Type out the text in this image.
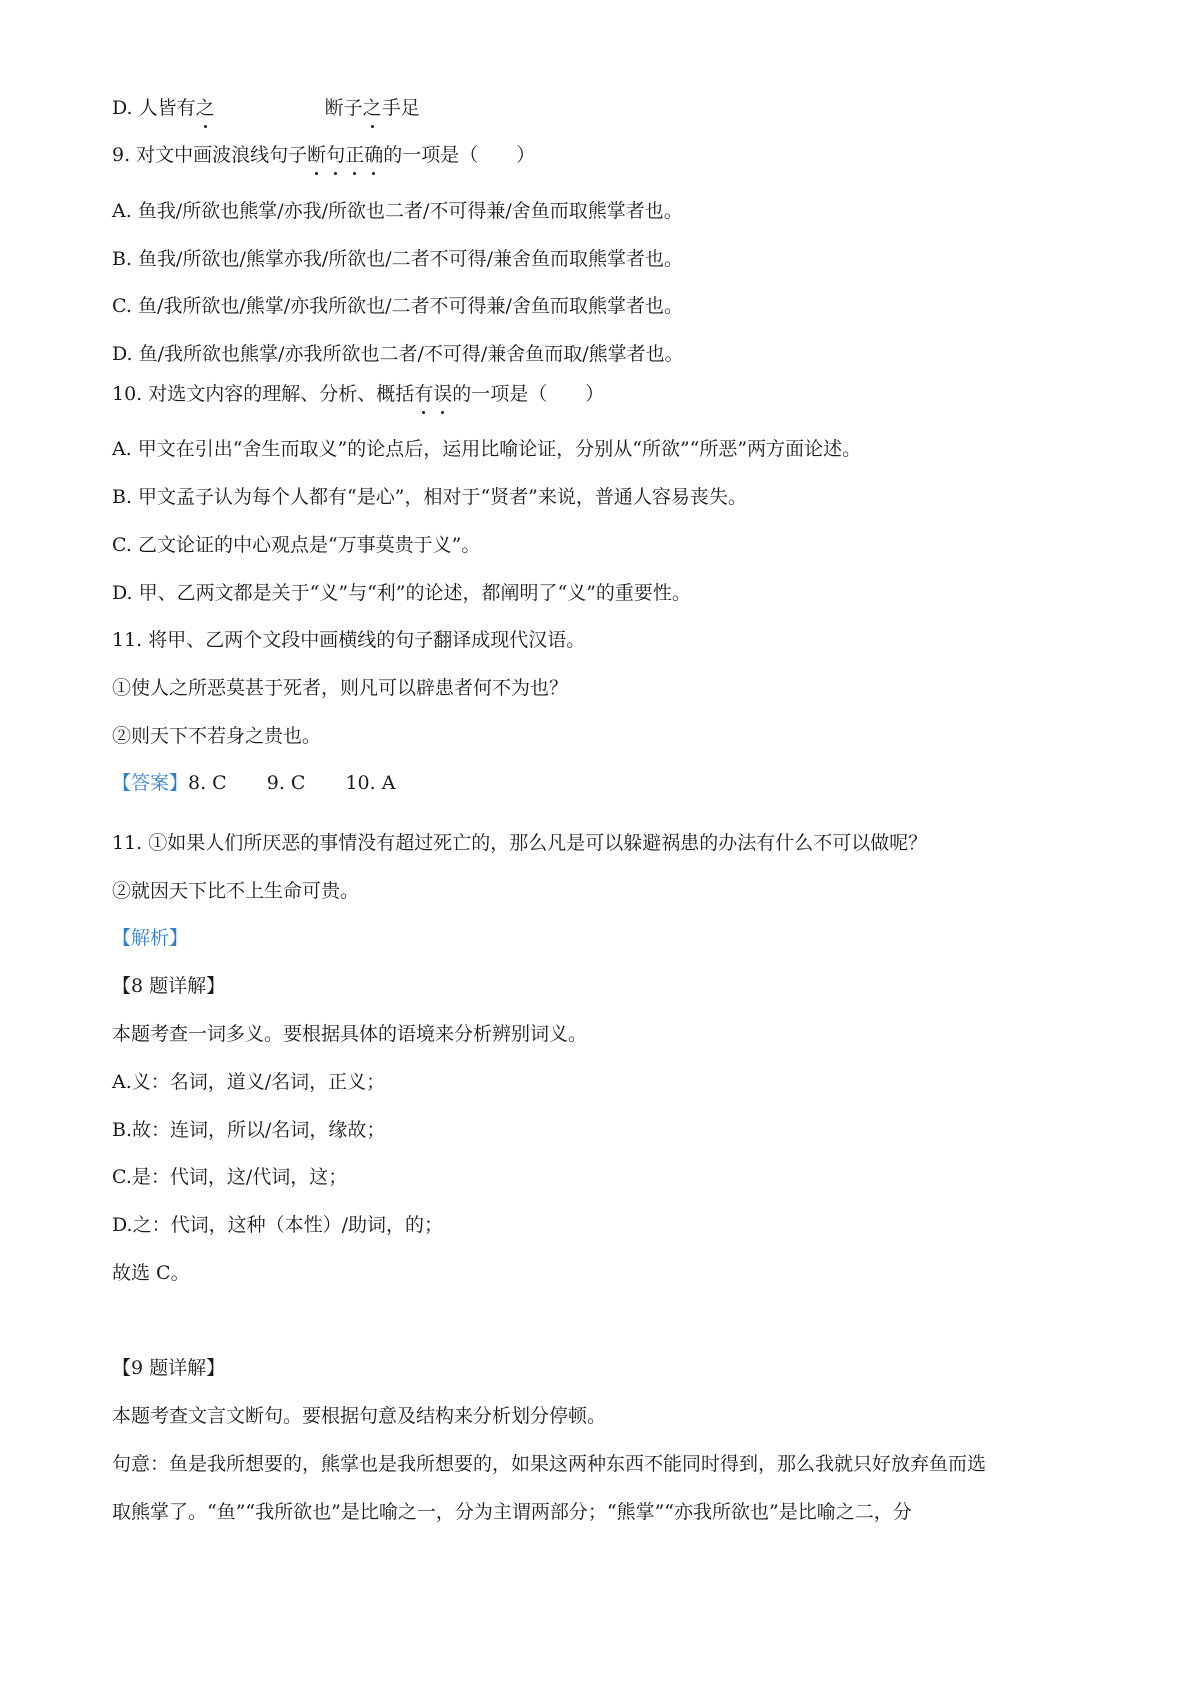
D. 人皆有之	断子之手足
9. 对文中画波浪线句子断句正确的一项是（　　）
A. 鱼我/所欲也熊掌/亦我/所欲也二者/不可得兼/舍鱼而取熊掌者也。
B. 鱼我/所欲也/熊掌亦我/所欲也/二者不可得/兼舍鱼而取熊掌者也。
C. 鱼/我所欲也/熊掌/亦我所欲也/二者不可得兼/舍鱼而取熊掌者也。
D. 鱼/我所欲也熊掌/亦我所欲也二者/不可得/兼舍鱼而取/熊掌者也。
10. 对选文内容的理解、分析、概括有误的一项是（　　）
A. 甲文在引出“舍生而取义”的论点后，运用比喻论证，分别从“所欲”“所恶”两方面论述。
B. 甲文孟子认为每个人都有“是心”，相对于“贤者”来说，普通人容易丧失。
C. 乙文论证的中心观点是“万事莫贵于义”。
D. 甲、乙两文都是关于“义”与“利”的论述，都阐明了“义”的重要性。
11. 将甲、乙两个文段中画横线的句子翻译成现代汉语。
①使人之所恶莫甚于死者，则凡可以辟患者何不为也？
②则天下不若身之贵也。
【答案】8. C 9. C 10. A
11. ①如果人们所厌恶的事情没有超过死亡的，那么凡是可以躲避祸患的办法有什么不可以做呢？
②就因天下比不上生命可贵。
【解析】
【8 题详解】
本题考查一词多义。要根据具体的语境来分析辨别词义。
A.义：名词，道义/名词，正义；
B.故：连词，所以/名词，缘故；
C.是：代词，这/代词，这；
D.之：代词，这种（本性）/助词，的；
故选 C。
【9 题详解】
本题考查文言文断句。要根据句意及结构来分析划分停顿。
句意：鱼是我所想要的，熊掌也是我所想要的，如果这两种东西不能同时得到，那么我就只好放弃鱼而选
取熊掌了。“鱼”“我所欲也”是比喻之一，分为主谓两部分；“熊掌”“亦我所欲也”是比喻之二，分
